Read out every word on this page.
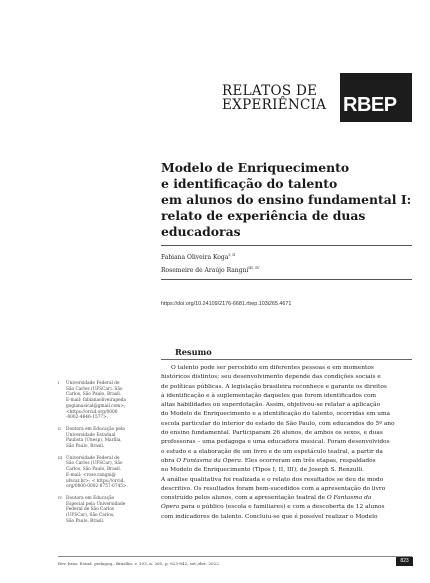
RELATOS DE
EXPERIÊNCIA RBEP
Modelo de Enriquecimento
e identificação do talento
em alunos do ensino fundamental I:
relato de experiência de duas
educadoras
Fabiana Oliveira Koga$^{I, II}$
Rosemeire de Araújo Rangni$^{III, IV}$
https://doi.org/10.24109/2176-6681.rbep.103i265.4671
Resumo
O talento pode ser percebido em diferentes pessoas e em momentos
históricos distintos; seu desenvolvimento depende das condições sociais e
de políticas públicas. A legislação brasileira reconhece e garante os direitos
à identificação e à suplementação daqueles que forem identificados com
altas habilidades ou superdotação. Assim, objetivou-se relatar a aplicação
do Modelo de Enriquecimento e a identificação do talento, ocorridas em uma
escola particular do interior do estado de São Paulo, com educandos do 5º ano
do ensino fundamental. Participaram 26 alunos, de ambos os sexos, e duas
professoras – uma pedagoga e uma educadora musical. Foram desenvolvidos
o estudo e a elaboração de um livro e de um espetáculo teatral, a partir da
obra O Fantasma da Ópera. Eles ocorreram em três etapas, respaldados
no Modelo de Enriquecimento (Tipos I, II, III), de Joseph S. Renzulli.
A análise qualitativa foi realizada e o relato dos resultados se deu de modo
descritivo. Os resultados foram bem-sucedidos com a apresentação do livro
construído pelos alunos, com a apresentação teatral de O Fantasma da
Ópera para o público (escola e familiares) e com a descoberta de 12 alunos
com indicadores de talento. Concluiu-se que é possível realizar o Modelo
I Universidade Federal de
São Carlos (UFSCar). São
Carlos, São Paulo, Brasil.
E-mail: fabianaoliveirapeda
gogianusical@gmail.com>;
<https://orcid.org/0000
-0002-4646-1577>.
II Doutora em Educação pela
Universidade Estadual
Paulista (Unesp), Marília,
São Paulo, Brasil.
III Universidade Federal de
São Carlos (UFSCar), São
Carlos, São Paulo, Brasil.
E-mail: <rose.rangni@
ufscar.br>; < https://orcid.
org/0000-0002-8757-0745>.
IV Doutora em Educação
Especial pela Universidade
Federal de São Carlos
(UFSCar), São Carlos,
São Paulo, Brasil.
Rev. bras. Estud. pedagog., Brasília, v. 103, n. 265, p. 823-842, set./dez. 2022.	823
